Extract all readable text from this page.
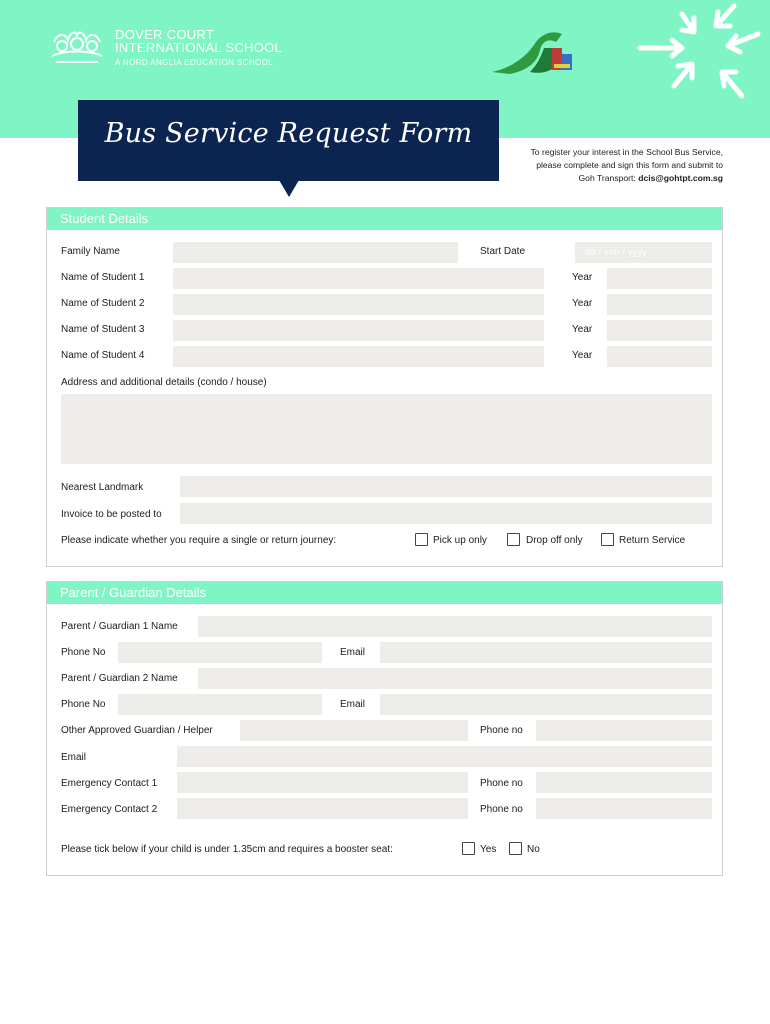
DOVER COURT
INTERNATIONAL SCHOOL
A NORD ANGLIA EDUCATION SCHOOL
Bus Service Request Form
To register your interest in the School Bus Service,
please complete and sign this form and submit to
Goh Transport: dcis@gohtpt.com.sg
Student Details
Family Name	Start Date	dd / mm / yyyy
Name of Student 1	Year
Name of Student 2	Year
Name of Student 3	Year
Name of Student 4	Year
Address and additional details (condo / house)
Nearest Landmark
Invoice to be posted to
Please indicate whether you require a single or return journey:	Pick up only	Drop off only	Return Service
Parent / Guardian Details
Parent / Guardian 1 Name
Phone No	Email
Parent / Guardian 2 Name
Phone No	Email
Other Approved Guardian / Helper	Phone no
Email
Emergency Contact 1	Phone no
Emergency Contact 2	Phone no
Please tick below if your child is under 1.35cm and requires a booster seat:	Yes	No
